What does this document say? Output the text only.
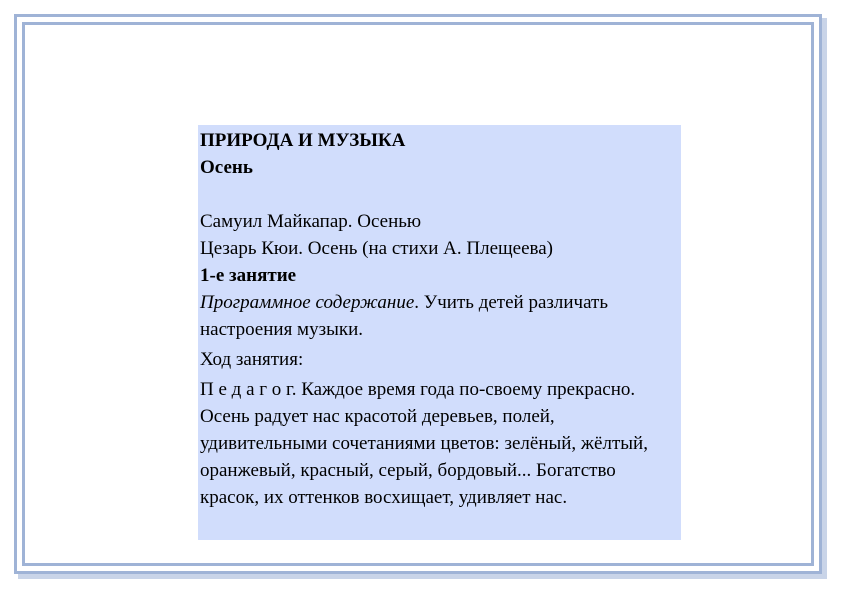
ПРИРОДА И МУЗЫКА

Осень

Самуил Майкапар. Осенью

Цезарь Кюи. Осень (на стихи А. Плещеева)

1-е занятие

Программное содержание. Учить детей различать настроения музыки.

Ход занятия:

П е д а г о г. Каждое время года по-своему прекрасно. Осень радует нас красотой деревьев, полей, удивительными сочетаниями цветов: зелёный, жёлтый, оранжевый, красный, серый, бордовый... Богатство красок, их оттенков восхищает, удивляет нас.
